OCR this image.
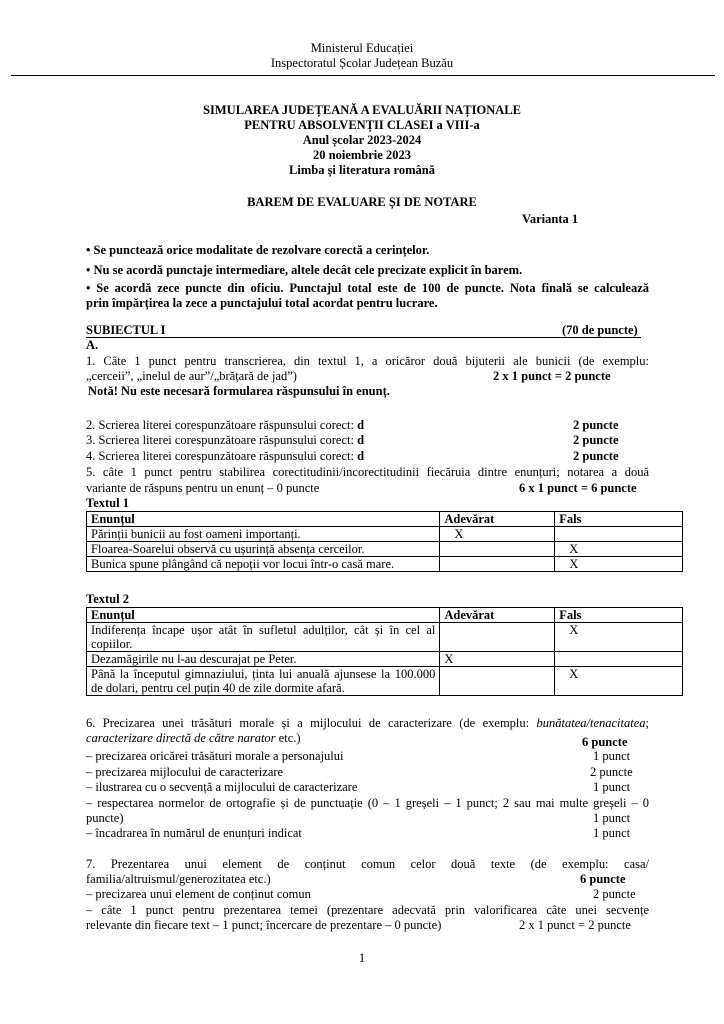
Ministerul Educației
Inspectoratul Școlar Județean Buzău
SIMULAREA JUDEȚEANĂ A EVALUĂRII NAȚIONALE
PENTRU ABSOLVENȚII CLASEI a VIII-a
Anul școlar 2023-2024
20 noiembrie 2023
Limba și literatura română
BAREM DE EVALUARE ȘI DE NOTARE
Varianta 1
• Se punctează orice modalitate de rezolvare corectă a cerințelor.
• Nu se acordă punctaje intermediare, altele decât cele precizate explicit în barem.
• Se acordă zece puncte din oficiu. Punctajul total este de 100 de puncte. Nota finală se calculează
prin împărțirea la zece a punctajului total acordat pentru lucrare.
SUBIECTUL I	(70 de puncte)
A.
1. Câte 1 punct pentru transcrierea, din textul 1, a oricăror două bijuterii ale bunicii (de exemplu:
„cerceii”, „inelul de aur”/„brățară de jad”)	2 x 1 punct = 2 puncte
Notă! Nu este necesară formularea răspunsului în enunț.
2. Scrierea literei corespunzătoare răspunsului corect: d	2 puncte
3. Scrierea literei corespunzătoare răspunsului corect: d	2 puncte
4. Scrierea literei corespunzătoare răspunsului corect: d	2 puncte
5. câte 1 punct pentru stabilirea corectitudinii/incorectitudinii fiecăruia dintre enunțuri; notarea a două
variante de răspuns pentru un enunț – 0 puncte	6 x 1 punct = 6 puncte
Textul 1
Enunțul	Adevărat	Fals
Părinții bunicii au fost oameni importanți.	X	
Floarea-Soarelui observă cu ușurință absența cerceilor.		X
Bunica spune plângând că nepoții vor locui într-o casă mare.		X
Textul 2
Enunțul	Adevărat	Fals
Indiferența încape ușor atât în sufletul adulților, cât și în cel al copiilor.		X
Dezamăgirile nu l-au descurajat pe Peter.	X	
Până la începutul gimnaziului, ținta lui anuală ajunsese la 100.000 de dolari, pentru cel puțin 40 de zile dormite afară.		X
6. Precizarea unei trăsături morale și a mijlocului de caracterizare (de exemplu: bunătatea/tenacitatea;
caracterizare directă de către narator etc.)	6 puncte
– precizarea oricărei trăsături morale a personajului	1 punct
– precizarea mijlocului de caracterizare	2 puncte
– ilustrarea cu o secvență a mijlocului de caracterizare	1 punct
– respectarea normelor de ortografie și de punctuație (0 – 1 greșeli – 1 punct; 2 sau mai multe greșeli – 0
puncte)	1 punct
– încadrarea în numărul de enunțuri indicat	1 punct
7. Prezentarea unui element de conținut comun celor două texte (de exemplu: casa/
familia/altruismul/generozitatea etc.)	6 puncte
– precizarea unui element de conținut comun	2 puncte
– câte 1 punct pentru prezentarea temei (prezentare adecvată prin valorificarea câte unei secvențe
relevante din fiecare text – 1 punct; încercare de prezentare – 0 puncte)	2 x 1 punct = 2 puncte
1
